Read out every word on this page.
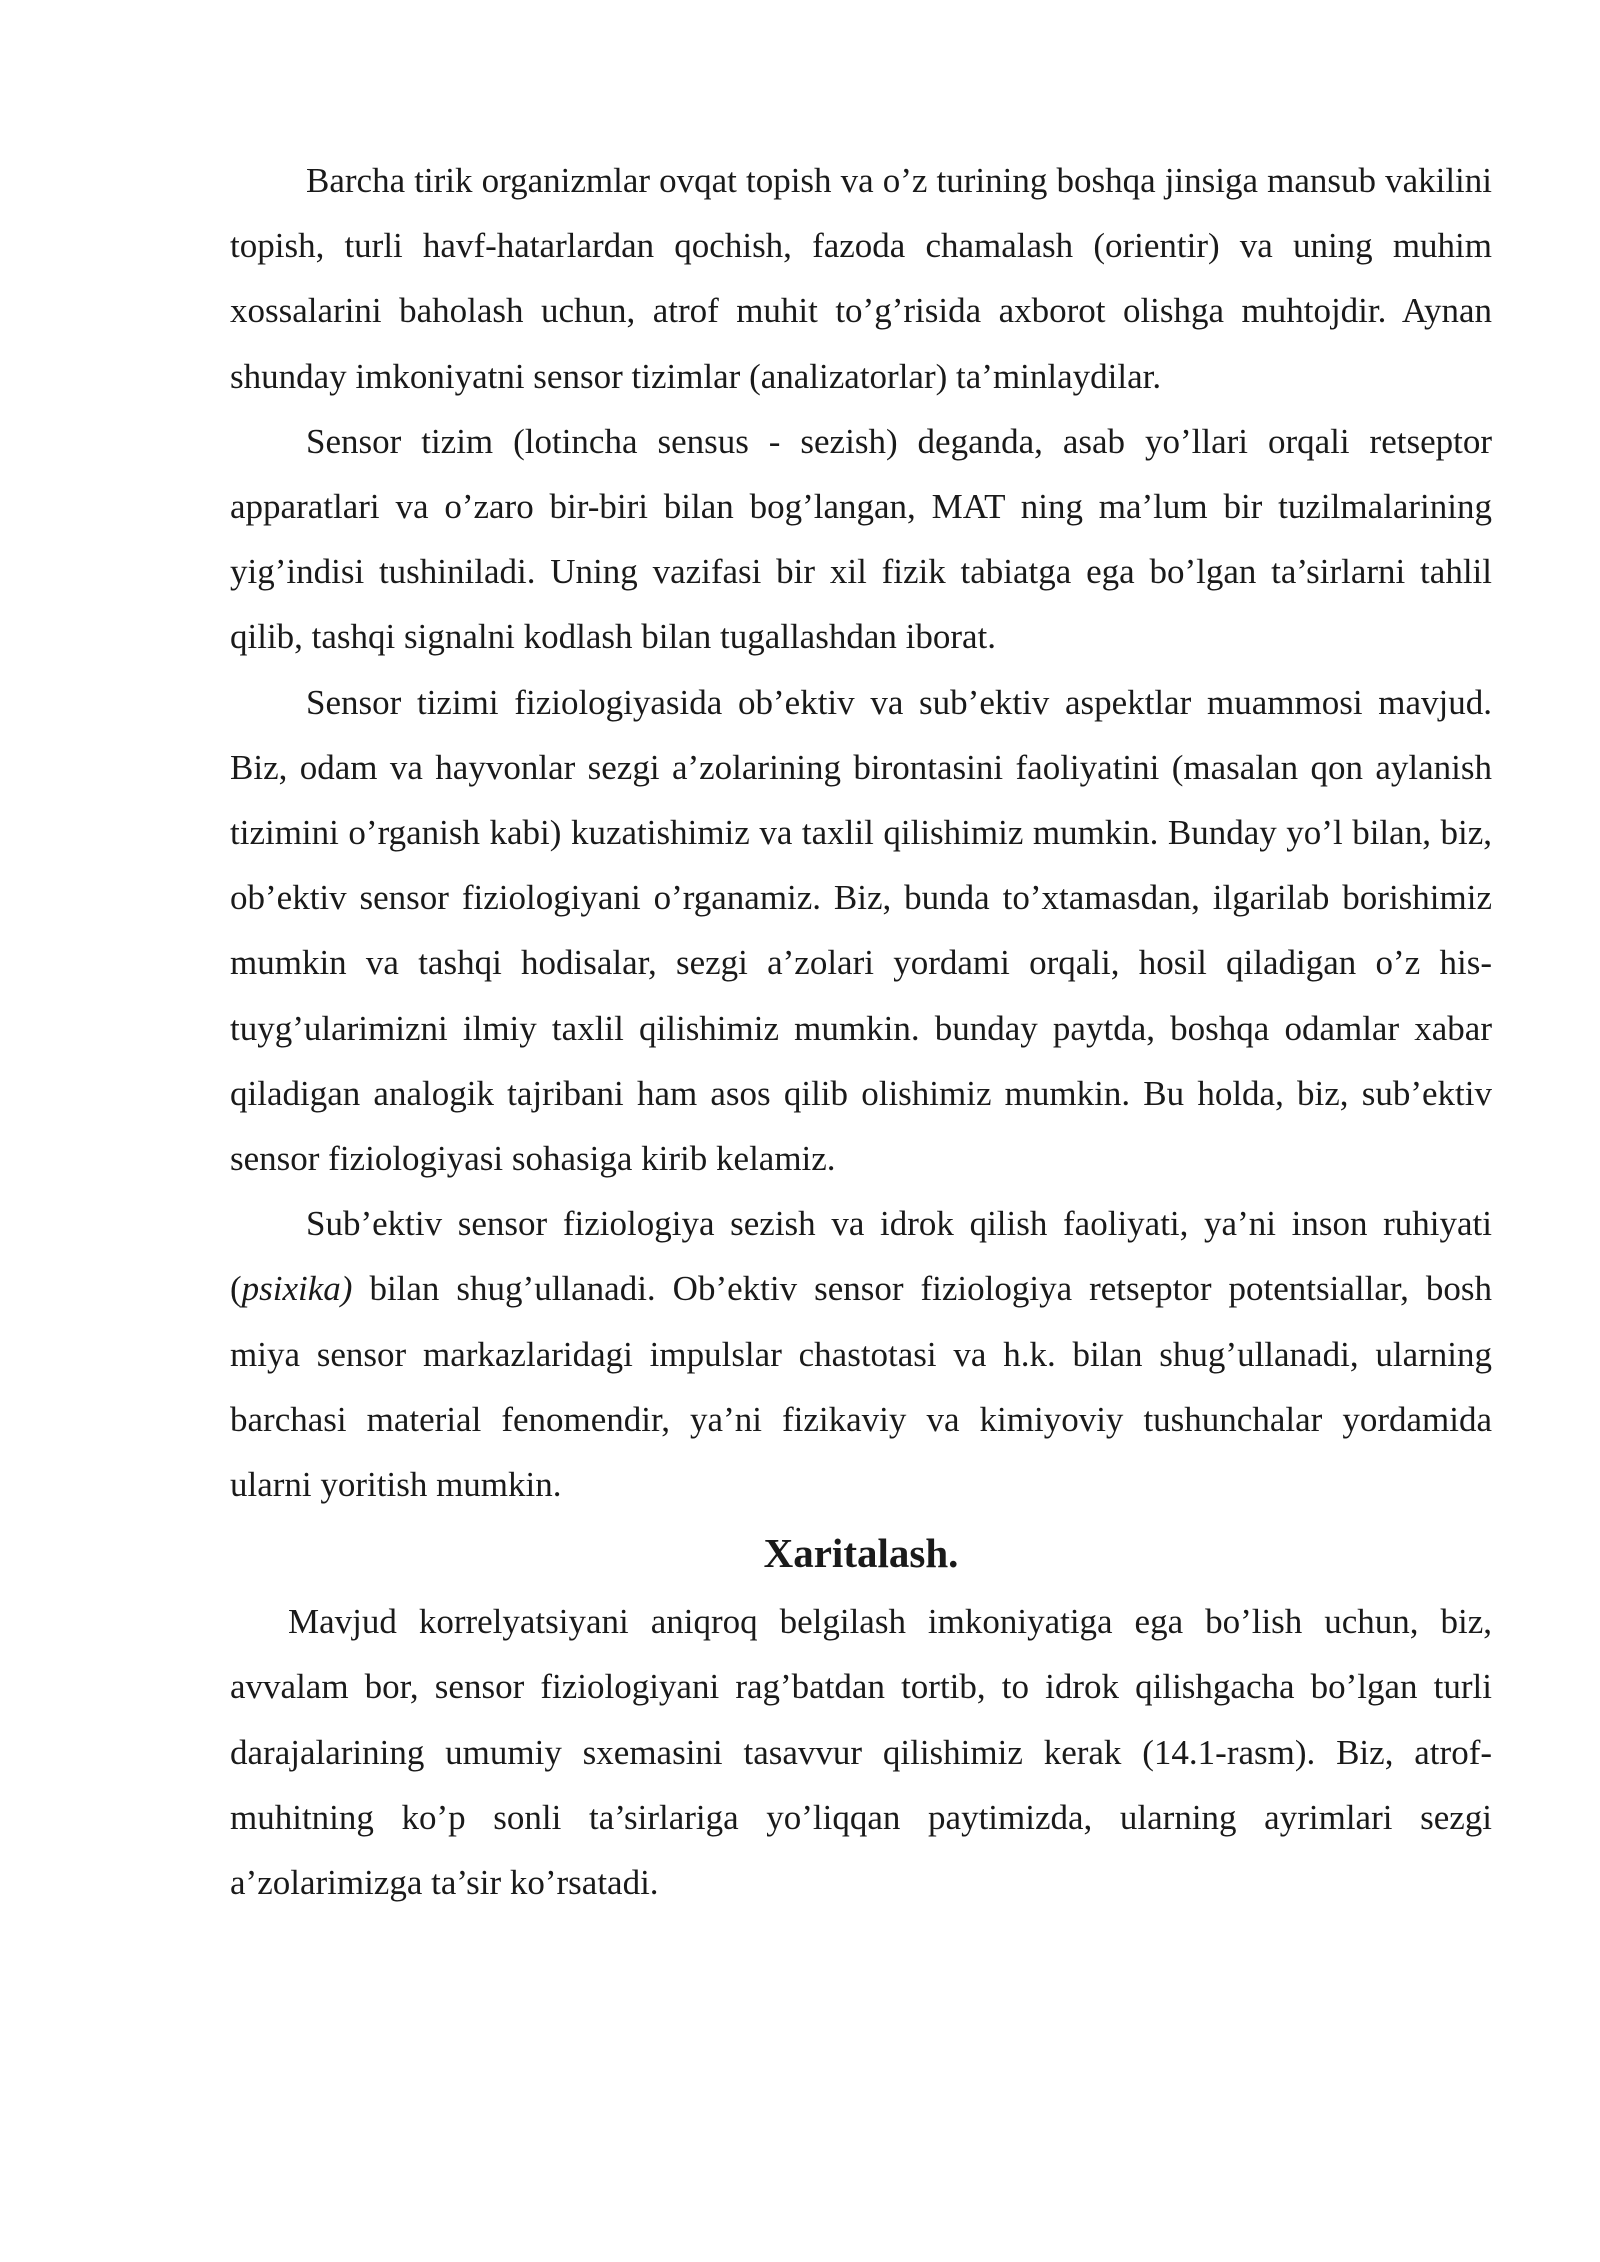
Barcha tirik organizmlar ovqat topish va o’z turining boshqa jinsiga mansub vakilini topish, turli havf-hatarlardan qochish, fazoda chamalash (orientir) va uning muhim xossalarini baholash uchun, atrof muhit to’g’risida axborot olishga muhtojdir. Aynan shunday imkoniyatni sensor tizimlar (analizatorlar) ta’minlaydilar.

Sensor tizim (lotincha sensus - sezish) deganda, asab yo’llari orqali retseptor apparatlari va o’zaro bir-biri bilan bog’langan, MAT ning ma’lum bir tuzilmalarining yig’indisi tushiniladi. Uning vazifasi bir xil fizik tabiatga ega bo’lgan ta’sirlarni tahlil qilib, tashqi signalni kodlash bilan tugallashdan iborat.

Sensor tizimi fiziologiyasida ob’ektiv va sub’ektiv aspektlar muammosi mavjud. Biz, odam va hayvonlar sezgi a’zolarining birontasini faoliyatini (masalan qon aylanish tizimini o’rganish kabi) kuzatishimiz va taxlil qilishimiz mumkin. Bunday yo’l bilan, biz, ob’ektiv sensor fiziologiyani o’rganamiz. Biz, bunda to’xtamasdan, ilgarilab borishimiz mumkin va tashqi hodisalar, sezgi a’zolari yordami orqali, hosil qiladigan o’z his-tuyg’ularimizni ilmiy taxlil qilishimiz mumkin. bunday paytda, boshqa odamlar xabar qiladigan analogik tajribani ham asos qilib olishimiz mumkin. Bu holda, biz, sub’ektiv sensor fiziologiyasi sohasiga kirib kelamiz.

Sub’ektiv sensor fiziologiya sezish va idrok qilish faoliyati, ya’ni inson ruhiyati (psixika) bilan shug’ullanadi. Ob’ektiv sensor fiziologiya retseptor potentsiallar, bosh miya sensor markazlaridagi impulslar chastotasi va h.k. bilan shug’ullanadi, ularning barchasi material fenomendir, ya’ni fizikaviy va kimiyoviy tushunchalar yordamida ularni yoritish mumkin.

Xaritalash.

Mavjud korrelyatsiyani aniqroq belgilash imkoniyatiga ega bo’lish uchun, biz, avvalam bor, sensor fiziologiyani rag’batdan tortib, to idrok qilishgacha bo’lgan turli darajalarining umumiy sxemasini tasavvur qilishimiz kerak (14.1-rasm). Biz, atrof-muhitning ko’p sonli ta’sirlariga yo’liqqan paytimizda, ularning ayrimlari sezgi a’zolarimizga ta’sir ko’rsatadi.
